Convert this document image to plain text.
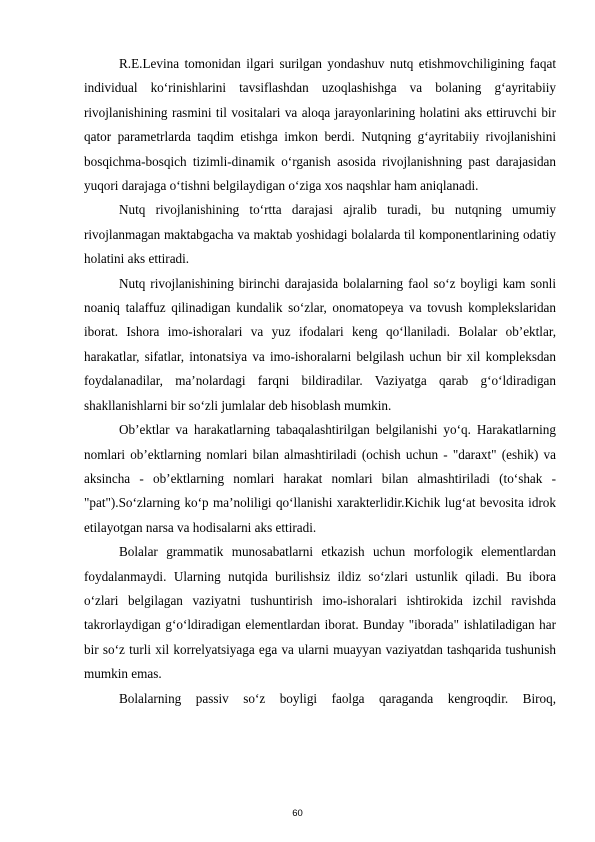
R.E.Levina tomonidan ilgari surilgan yondashuv nutq etishmovchiligining faqat individual ko‘rinishlarini tavsiflashdan uzoqlashishga va bolaning g‘ayritabiiy rivojlanishining rasmini til vositalari va aloqa jarayonlarining holatini aks ettiruvchi bir qator parametrlarda taqdim etishga imkon berdi. Nutqning g‘ayritabiiy rivojlanishini bosqichma-bosqich tizimli-dinamik o‘rganish asosida rivojlanishning past darajasidan yuqori darajaga o‘tishni belgilaydigan o‘ziga xos naqshlar ham aniqlanadi.

Nutq rivojlanishining to‘rtta darajasi ajralib turadi, bu nutqning umumiy rivojlanmagan maktabgacha va maktab yoshidagi bolalarda til komponentlarining odatiy holatini aks ettiradi.

Nutq rivojlanishining birinchi darajasida bolalarning faol so‘z boyligi kam sonli noaniq talaffuz qilinadigan kundalik so‘zlar, onomatopeya va tovush komplekslaridan iborat. Ishora imo-ishoralari va yuz ifodalari keng qo‘llaniladi. Bolalar ob’ektlar, harakatlar, sifatlar, intonatsiya va imo-ishoralarni belgilash uchun bir xil kompleksdan foydalanadilar, ma’nolardagi farqni bildiradilar. Vaziyatga qarab g‘o‘ldiradigan shakllanishlarni bir so‘zli jumlalar deb hisoblash mumkin.

Ob’ektlar va harakatlarning tabaqalashtirilgan belgilanishi yo‘q. Harakatlarning nomlari ob’ektlarning nomlari bilan almashtiriladi (ochish uchun - "daraxt" (eshik) va aksincha - ob’ektlarning nomlari harakat nomlari bilan almashtiriladi (to‘shak - "pat").So‘zlarning ko‘p ma’noliligi qo‘llanishi xarakterlidir.Kichik lug‘at bevosita idrok etilayotgan narsa va hodisalarni aks ettiradi.

Bolalar grammatik munosabatlarni etkazish uchun morfologik elementlardan foydalanmaydi. Ularning nutqida burilishsiz ildiz so‘zlari ustunlik qiladi. Bu ibora o‘zlari belgilagan vaziyatni tushuntirish imo-ishoralari ishtirokida izchil ravishda takrorlaydigan g‘o‘ldiradigan elementlardan iborat. Bunday "iborada" ishlatiladigan har bir so‘z turli xil korrelyatsiyaga ega va ularni muayyan vaziyatdan tashqarida tushunish mumkin emas.

Bolalarning passiv so‘z boyligi faolga qaraganda kengroqdir. Biroq,

60
